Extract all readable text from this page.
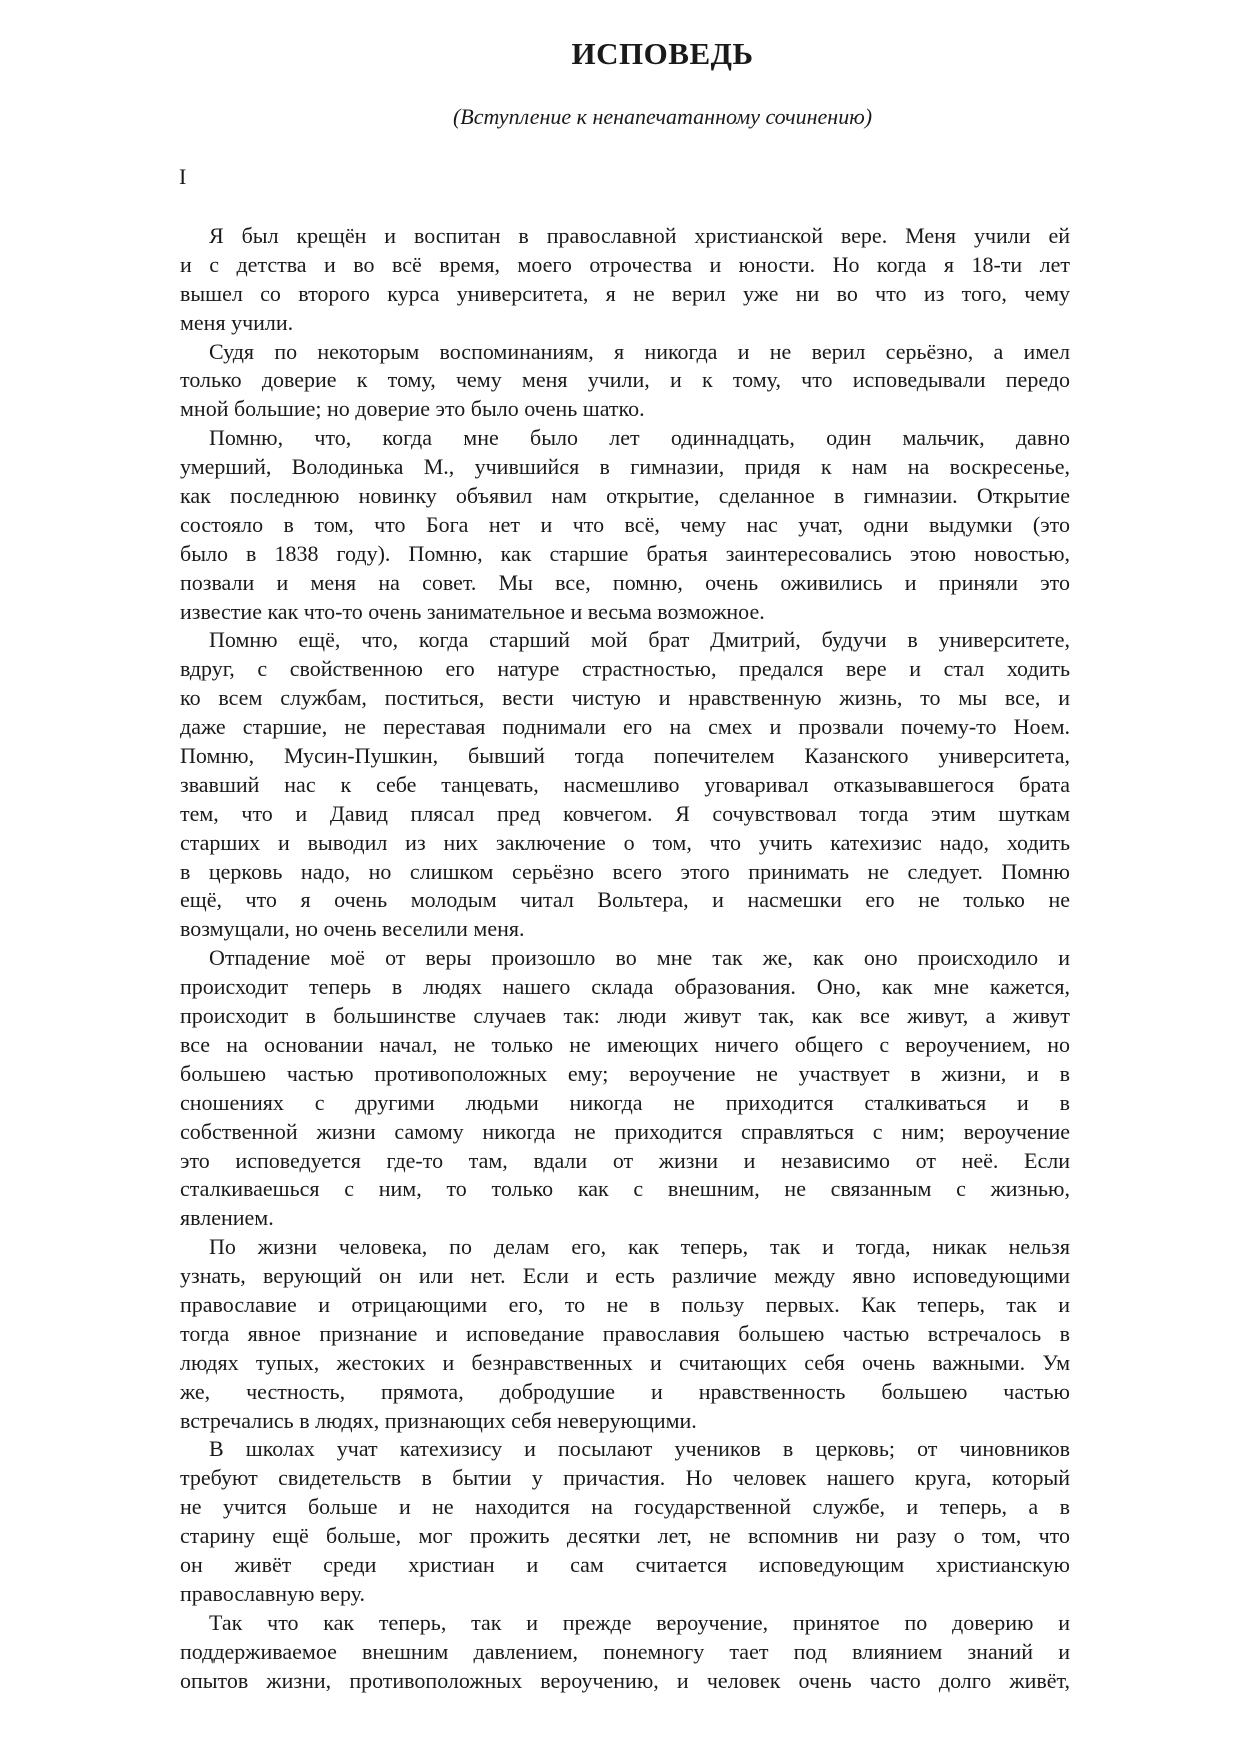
ИСПОВЕДЬ
(Вступление к ненапечатанному сочинению)
I
Я был крещён и воспитан в православной христианской вере. Меня учили ей
и с детства и во всё время, моего отрочества и юности. Но когда я 18-ти лет
вышел со второго курса университета, я не верил уже ни во что из того, чему
меня учили.
Судя по некоторым воспоминаниям, я никогда и не верил серьёзно, а имел
только доверие к тому, чему меня учили, и к тому, что исповедывали передо
мной большие; но доверие это было очень шатко.
Помню, что, когда мне было лет одиннадцать, один мальчик, давно
умерший, Володинька М., учившийся в гимназии, придя к нам на воскресенье,
как последнюю новинку объявил нам открытие, сделанное в гимназии. Открытие
состояло в том, что Бога нет и что всё, чему нас учат, одни выдумки (это
было в 1838 году). Помню, как старшие братья заинтересовались этою новостью,
позвали и меня на совет. Мы все, помню, очень оживились и приняли это
известие как что-то очень занимательное и весьма возможное.
Помню ещё, что, когда старший мой брат Дмитрий, будучи в университете,
вдруг, с свойственною его натуре страстностью, предался вере и стал ходить
ко всем службам, поститься, вести чистую и нравственную жизнь, то мы все, и
даже старшие, не переставая поднимали его на смех и прозвали почему-то Ноем.
Помню, Мусин-Пушкин, бывший тогда попечителем Казанского университета,
звавший нас к себе танцевать, насмешливо уговаривал отказывавшегося брата
тем, что и Давид плясал пред ковчегом. Я сочувствовал тогда этим шуткам
старших и выводил из них заключение о том, что учить катехизис надо, ходить
в церковь надо, но слишком серьёзно всего этого принимать не следует. Помню
ещё, что я очень молодым читал Вольтера, и насмешки его не только не
возмущали, но очень веселили меня.
Отпадение моё от веры произошло во мне так же, как оно происходило и
происходит теперь в людях нашего склада образования. Оно, как мне кажется,
происходит в большинстве случаев так: люди живут так, как все живут, а живут
все на основании начал, не только не имеющих ничего общего с вероучением, но
большею частью противоположных ему; вероучение не участвует в жизни, и в
сношениях с другими людьми никогда не приходится сталкиваться и в
собственной жизни самому никогда не приходится справляться с ним; вероучение
это исповедуется где-то там, вдали от жизни и независимо от неё. Если
сталкиваешься с ним, то только как с внешним, не связанным с жизнью,
явлением.
По жизни человека, по делам его, как теперь, так и тогда, никак нельзя
узнать, верующий он или нет. Если и есть различие между явно исповедующими
православие и отрицающими его, то не в пользу первых. Как теперь, так и
тогда явное признание и исповедание православия большею частью встречалось в
людях тупых, жестоких и безнравственных и считающих себя очень важными. Ум
же, честность, прямота, добродушие и нравственность большею частью
встречались в людях, признающих себя неверующими.
В школах учат катехизису и посылают учеников в церковь; от чиновников
требуют свидетельств в бытии у причастия. Но человек нашего круга, который
не учится больше и не находится на государственной службе, и теперь, а в
старину ещё больше, мог прожить десятки лет, не вспомнив ни разу о том, что
он живёт среди христиан и сам считается исповедующим христианскую
православную веру.
Так что как теперь, так и прежде вероучение, принятое по доверию и
поддерживаемое внешним давлением, понемногу тает под влиянием знаний и
опытов жизни, противоположных вероучению, и человек очень часто долго живёт,
